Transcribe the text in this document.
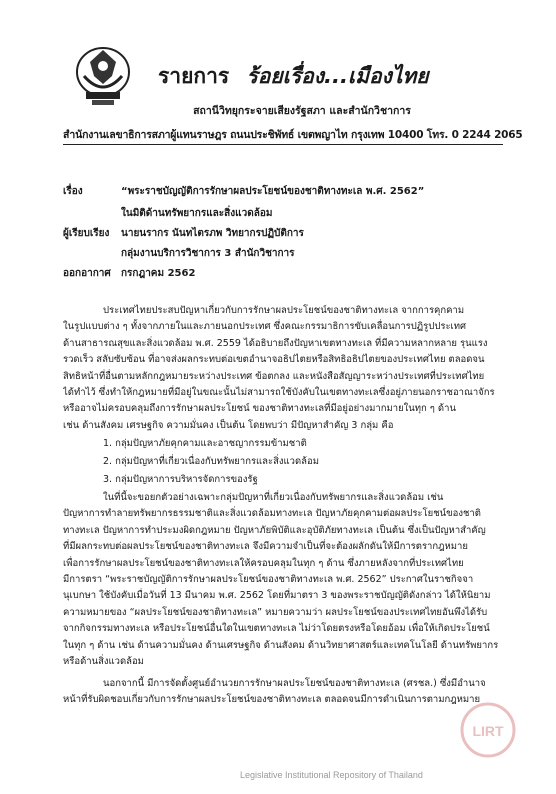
รายการ ร้อยเรื่อง...เมืองไทย
สถานีวิทยุกระจายเสียงรัฐสภา และสำนักวิชาการ
สำนักงานเลขาธิการสภาผู้แทนราษฎร ถนนประชิพัทธ์ เขตพญาไท กรุงเทพ 10400 โทร. 0 2244 2065
เรื่อง	“พระราชบัญญัติการรักษาผลประโยชน์ของชาติทางทะเล พ.ศ. 2562”
ในมิติด้านทรัพยากรและสิ่งแวดล้อม
ผู้เรียบเรียง นายนรากร นันทไตรภพ วิทยากรปฏิบัติการ
กลุ่มงานบริการวิชาการ 3 สำนักวิชาการ
ออกอากาศ กรกฎาคม 2562
ประเทศไทยประสบปัญหาเกี่ยวกับการรักษาผลประโยชน์ของชาติทางทะเล จากการคุกคาม
ในรูปแบบต่าง ๆ ทั้งจากภายในและภายนอกประเทศ ซึ่งคณะกรรมาธิการขับเคลื่อนการปฏิรูปประเทศ
ด้านสาธารณสุขและสิ่งแวดล้อม พ.ศ. 2559 ได้อธิบายถึงปัญหาเขตทางทะเล ที่มีความหลากหลาย รุนแรง
รวดเร็ว สลับซับซ้อน ที่อาจส่งผลกระทบต่อเขตอำนาจอธิปไตยหรือสิทธิอธิปไตยของประเทศไทย ตลอดจน
สิทธิหน้าที่อื่นตามหลักกฎหมายระหว่างประเทศ ข้อตกลง และหนังสือสัญญาระหว่างประเทศที่ประเทศไทย
ได้ทำไว้ ซึ่งทำให้กฎหมายที่มีอยู่ในขณะนั้นไม่สามารถใช้บังคับในเขตทางทะเลซึ่งอยู่ภายนอกราชอาณาจักร
หรืออาจไม่ครอบคลุมถึงการรักษาผลประโยชน์ ของชาติทางทะเลที่มีอยู่อย่างมากมายในทุก ๆ ด้าน
เช่น ด้านสังคม เศรษฐกิจ ความมั่นคง เป็นต้น โดยพบว่า มีปัญหาสำคัญ 3 กลุ่ม คือ
1. กลุ่มปัญหาภัยคุกคามและอาชญากรรมข้ามชาติ
2. กลุ่มปัญหาที่เกี่ยวเนื่องกับทรัพยากรและสิ่งแวดล้อม
3. กลุ่มปัญหาการบริหารจัดการของรัฐ
ในที่นี้จะขอยกตัวอย่างเฉพาะกลุ่มปัญหาที่เกี่ยวเนื่องกับทรัพยากรและสิ่งแวดล้อม เช่น
ปัญหาการทำลายทรัพยากรธรรมชาติและสิ่งแวดล้อมทางทะเล ปัญหาภัยคุกคามต่อผลประโยชน์ของชาติ
ทางทะเล ปัญหาการทำประมงผิดกฎหมาย ปัญหาภัยพิบัติและอุบัติภัยทางทะเล เป็นต้น ซึ่งเป็นปัญหาสำคัญ
ที่มีผลกระทบต่อผลประโยชน์ของชาติทางทะเล จึงมีความจำเป็นที่จะต้องผลักดันให้มีการตรากฎหมาย
เพื่อการรักษาผลประโยชน์ของชาติทางทะเลให้ครอบคลุมในทุก ๆ ด้าน ซึ่งภายหลังจากที่ประเทศไทย
มีการตรา “พระราชบัญญัติการรักษาผลประโยชน์ของชาติทางทะเล พ.ศ. 2562” ประกาศในราชกิจจา
นุเบกษา ใช้บังคับเมื่อวันที่ 13 มีนาคม พ.ศ. 2562 โดยที่มาตรา 3 ของพระราชบัญญัติดังกล่าว ได้ให้นิยาม
ความหมายของ “ผลประโยชน์ของชาติทางทะเล” หมายความว่า ผลประโยชน์ของประเทศไทยอันพึงได้รับ
จากกิจกรรมทางทะเล หรือประโยชน์อื่นใดในเขตทางทะเล ไม่ว่าโดยตรงหรือโดยอ้อม เพื่อให้เกิดประโยชน์
ในทุก ๆ ด้าน เช่น ด้านความมั่นคง ด้านเศรษฐกิจ ด้านสังคม ด้านวิทยาศาสตร์และเทคโนโลยี ด้านทรัพยากร
หรือด้านสิ่งแวดล้อม
นอกจากนี้ มีการจัดตั้งศูนย์อำนวยการรักษาผลประโยชน์ของชาติทางทะเล (ศรชล.) ซึ่งมีอำนาจ
หน้าที่รับผิดชอบเกี่ยวกับการรักษาผลประโยชน์ของชาติทางทะเล ตลอดจนมีการดำเนินการตามกฎหมาย
LIRT
Legislative Institutional Repository of Thailand
